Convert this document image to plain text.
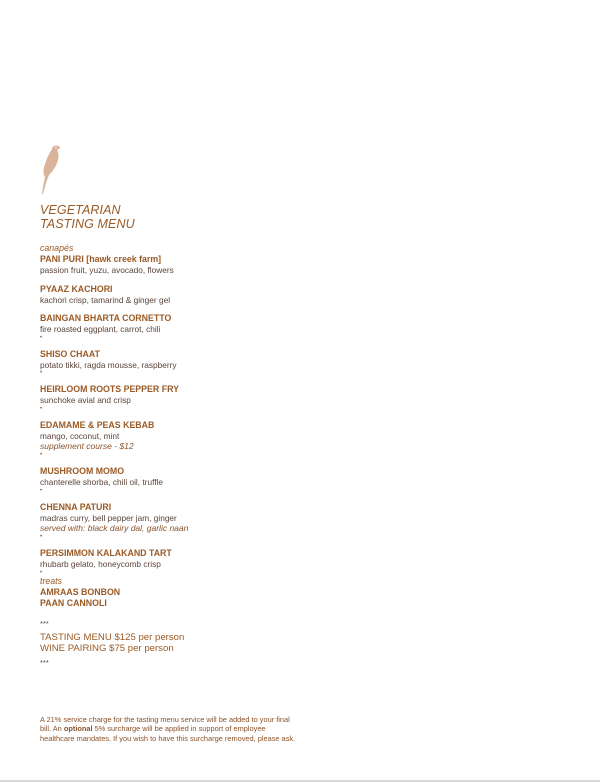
VEGETARIAN
TASTING MENU
canapés
PANI PURI [hawk creek farm]
passion fruit, yuzu, avocado, flowers
PYAAZ KACHORI
kachori crisp, tamarind & ginger gel
BAINGAN BHARTA CORNETTO
fire roasted eggplant, carrot, chili
•
SHISO CHAAT
potato tikki, ragda mousse, raspberry
•
HEIRLOOM ROOTS PEPPER FRY
sunchoke avial and crisp
•
EDAMAME & PEAS KEBAB
mango, coconut, mint
supplement course - $12
•
MUSHROOM MOMO
chanterelle shorba, chili oil, truffle
•
CHENNA PATURI
madras curry, bell pepper jam, ginger
served with: black dairy dal, garlic naan
•
PERSIMMON KALAKAND TART
rhubarb gelato, honeycomb crisp
•
treats
AMRAAS BONBON
PAAN CANNOLI
***
TASTING MENU $125 per person
WINE PAIRING $75 per person
***
A 21% service charge for the tasting menu service will be added to your final bill. An optional 5% surcharge will be applied in support of employee healthcare mandates. If you wish to have this surcharge removed, please ask.
